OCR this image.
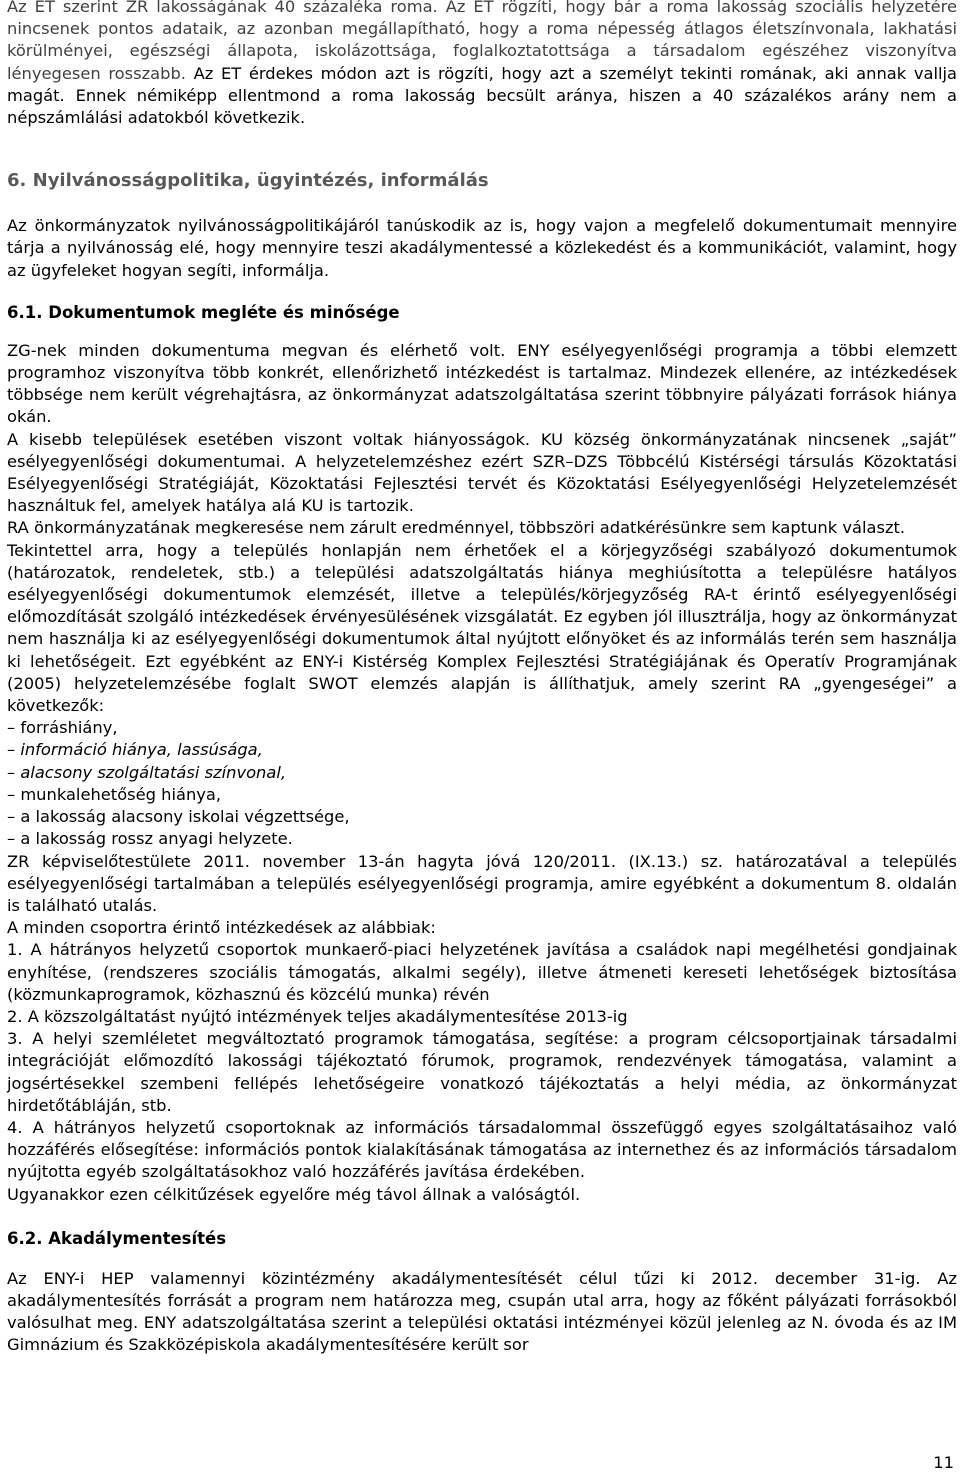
Az ET szerint ZR lakosságának 40 százaléka roma. Az ET rögzíti, hogy bár a roma lakosság szociális helyzetére nincsenek pontos adataik, az azonban megállapítható, hogy a roma népesség átlagos életszínvonala, lakhatási körülményei, egészségi állapota, iskolázottsága, foglalkoztatottsága a társadalom egészéhez viszonyítva lényegesen rosszabb. Az ET érdekes módon azt is rögzíti, hogy azt a személyt tekinti romának, aki annak vallja magát. Ennek némiképp ellentmond a roma lakosság becsült aránya, hiszen a 40 százalékos arány nem a népszámlálási adatokból következik.

6. Nyilvánosságpolitika, ügyintézés, informálás

Az önkormányzatok nyilvánosságpolitikájáról tanúskodik az is, hogy vajon a megfelelő dokumentumait mennyire tárja a nyilvánosság elé, hogy mennyire teszi akadálymentessé a közlekedést és a kommunikációt, valamint, hogy az ügyfeleket hogyan segíti, informálja.

6.1. Dokumentumok megléte és minősége

ZG-nek minden dokumentuma megvan és elérhető volt. ENY esélyegyenlőségi programja a többi elemzett programhoz viszonyítva több konkrét, ellenőrizhető intézkedést is tartalmaz. Mindezek ellenére, az intézkedések többsége nem került végrehajtásra, az önkormányzat adatszolgáltatása szerint többnyire pályázati források hiánya okán.

A kisebb települések esetében viszont voltak hiányosságok. KU község önkormányzatának nincsenek „saját” esélyegyenlőségi dokumentumai. A helyzetelemzéshez ezért SZR–DZS Többcélú Kistérségi társulás Közoktatási Esélyegyenlőségi Stratégiáját, Közoktatási Fejlesztési tervét és Közoktatási Esélyegyenlőségi Helyzetelemzését használtuk fel, amelyek hatálya alá KU is tartozik.

RA önkormányzatának megkeresése nem zárult eredménnyel, többszöri adatkérésünkre sem kaptunk választ.

Tekintettel arra, hogy a település honlapján nem érhetőek el a körjegyzőségi szabályozó dokumentumok (határozatok, rendeletek, stb.) a települési adatszolgáltatás hiánya meghiúsította a településre hatályos esélyegyenlőségi dokumentumok elemzését, illetve a település/körjegyzőség RA-t érintő esélyegyenlőségi előmozdítását szolgáló intézkedések érvényesülésének vizsgálatát. Ez egyben jól illusztrálja, hogy az önkormányzat nem használja ki az esélyegyenlőségi dokumentumok által nyújtott előnyöket és az informálás terén sem használja ki lehetőségeit. Ezt egyébként az ENY-i Kistérség Komplex Fejlesztési Stratégiájának és Operatív Programjának (2005) helyzetelemzésébe foglalt SWOT elemzés alapján is állíthatjuk, amely szerint RA „gyengeségei” a következők:

– forráshiány,
– információ hiánya, lassúsága,
– alacsony szolgáltatási színvonal,
– munkalehetőség hiánya,
– a lakosság alacsony iskolai végzettsége,
– a lakosság rossz anyagi helyzete.

ZR képviselőtestülete 2011. november 13-án hagyta jóvá 120/2011. (IX.13.) sz. határozatával a település esélyegyenlőségi tartalmában a település esélyegyenlőségi programja, amire egyébként a dokumentum 8. oldalán is található utalás.

A minden csoportra érintő intézkedések az alábbiak:

1. A hátrányos helyzetű csoportok munkaerő-piaci helyzetének javítása a családok napi megélhetési gondjainak enyhítése, (rendszeres szociális támogatás, alkalmi segély), illetve átmeneti kereseti lehetőségek biztosítása (közmunkaprogramok, közhasznú és közcélú munka) révén

2. A közszolgáltatást nyújtó intézmények teljes akadálymentesítése 2013-ig

3. A helyi szemléletet megváltoztató programok támogatása, segítése: a program célcsoportjainak társadalmi integrációját előmozdító lakossági tájékoztató fórumok, programok, rendezvények támogatása, valamint a jogsértésekkel szembeni fellépés lehetőségeire vonatkozó tájékoztatás a helyi média, az önkormányzat hirdetőtábláján, stb.

4. A hátrányos helyzetű csoportoknak az információs társadalommal összefüggő egyes szolgáltatásaihoz való hozzáférés elősegítése: információs pontok kialakításának támogatása az internethez és az információs társadalom nyújtotta egyéb szolgáltatásokhoz való hozzáférés javítása érdekében.

Ugyanakkor ezen célkitűzések egyelőre még távol állnak a valóságtól.

6.2. Akadálymentesítés

Az ENY-i HEP valamennyi közintézmény akadálymentesítését célul tűzi ki 2012. december 31-ig. Az akadálymentesítés forrását a program nem határozza meg, csupán utal arra, hogy az főként pályázati forrásokból valósulhat meg. ENY adatszolgáltatása szerint a települési oktatási intézményei közül jelenleg az N. óvoda és az IM Gimnázium és Szakközépiskola akadálymentesítésére került sor

11
